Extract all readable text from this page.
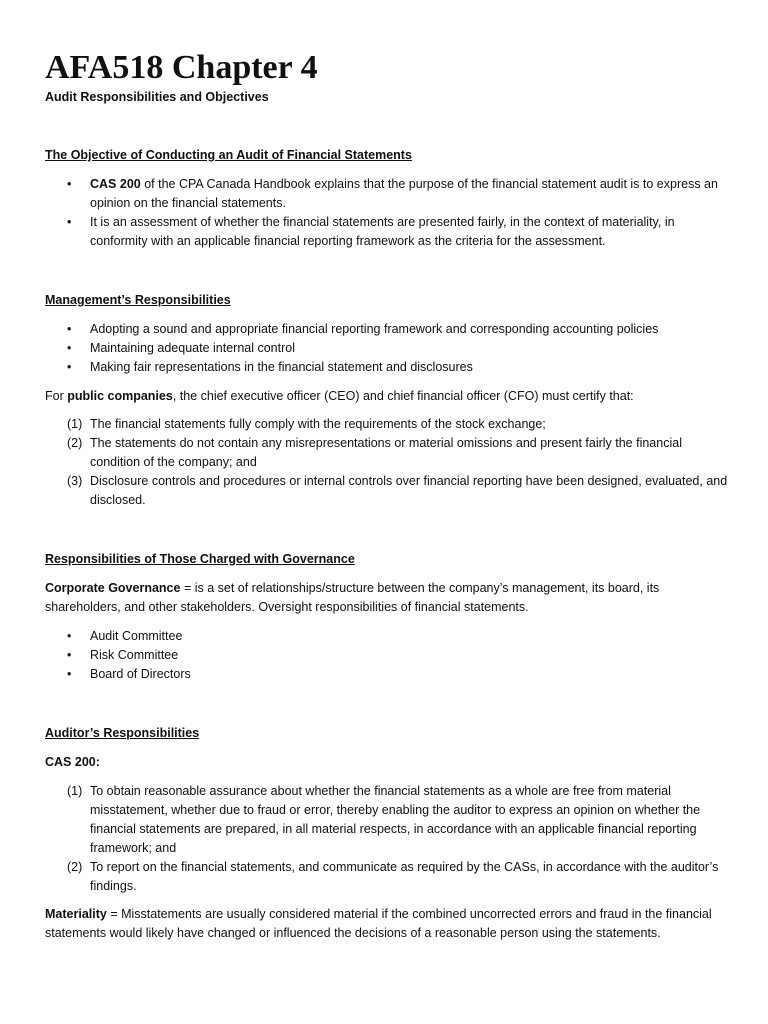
AFA518 Chapter 4
Audit Responsibilities and Objectives
The Objective of Conducting an Audit of Financial Statements
• CAS 200 of the CPA Canada Handbook explains that the purpose of the financial statement audit is to express an opinion on the financial statements.
• It is an assessment of whether the financial statements are presented fairly, in the context of materiality, in conformity with an applicable financial reporting framework as the criteria for the assessment.
Management’s Responsibilities
• Adopting a sound and appropriate financial reporting framework and corresponding accounting policies
• Maintaining adequate internal control
• Making fair representations in the financial statement and disclosures

For public companies, the chief executive officer (CEO) and chief financial officer (CFO) must certify that:

(1) The financial statements fully comply with the requirements of the stock exchange;
(2) The statements do not contain any misrepresentations or material omissions and present fairly the financial condition of the company; and
(3) Disclosure controls and procedures or internal controls over financial reporting have been designed, evaluated, and disclosed.
Responsibilities of Those Charged with Governance

Corporate Governance = is a set of relationships/structure between the company’s management, its board, its shareholders, and other stakeholders. Oversight responsibilities of financial statements.

• Audit Committee
• Risk Committee
• Board of Directors
Auditor’s Responsibilities

CAS 200:

(1) To obtain reasonable assurance about whether the financial statements as a whole are free from material misstatement, whether due to fraud or error, thereby enabling the auditor to express an opinion on whether the financial statements are prepared, in all material respects, in accordance with an applicable financial reporting framework; and
(2) To report on the financial statements, and communicate as required by the CASs, in accordance with the auditor’s findings.

Materiality = Misstatements are usually considered material if the combined uncorrected errors and fraud in the financial statements would likely have changed or influenced the decisions of a reasonable person using the statements.
